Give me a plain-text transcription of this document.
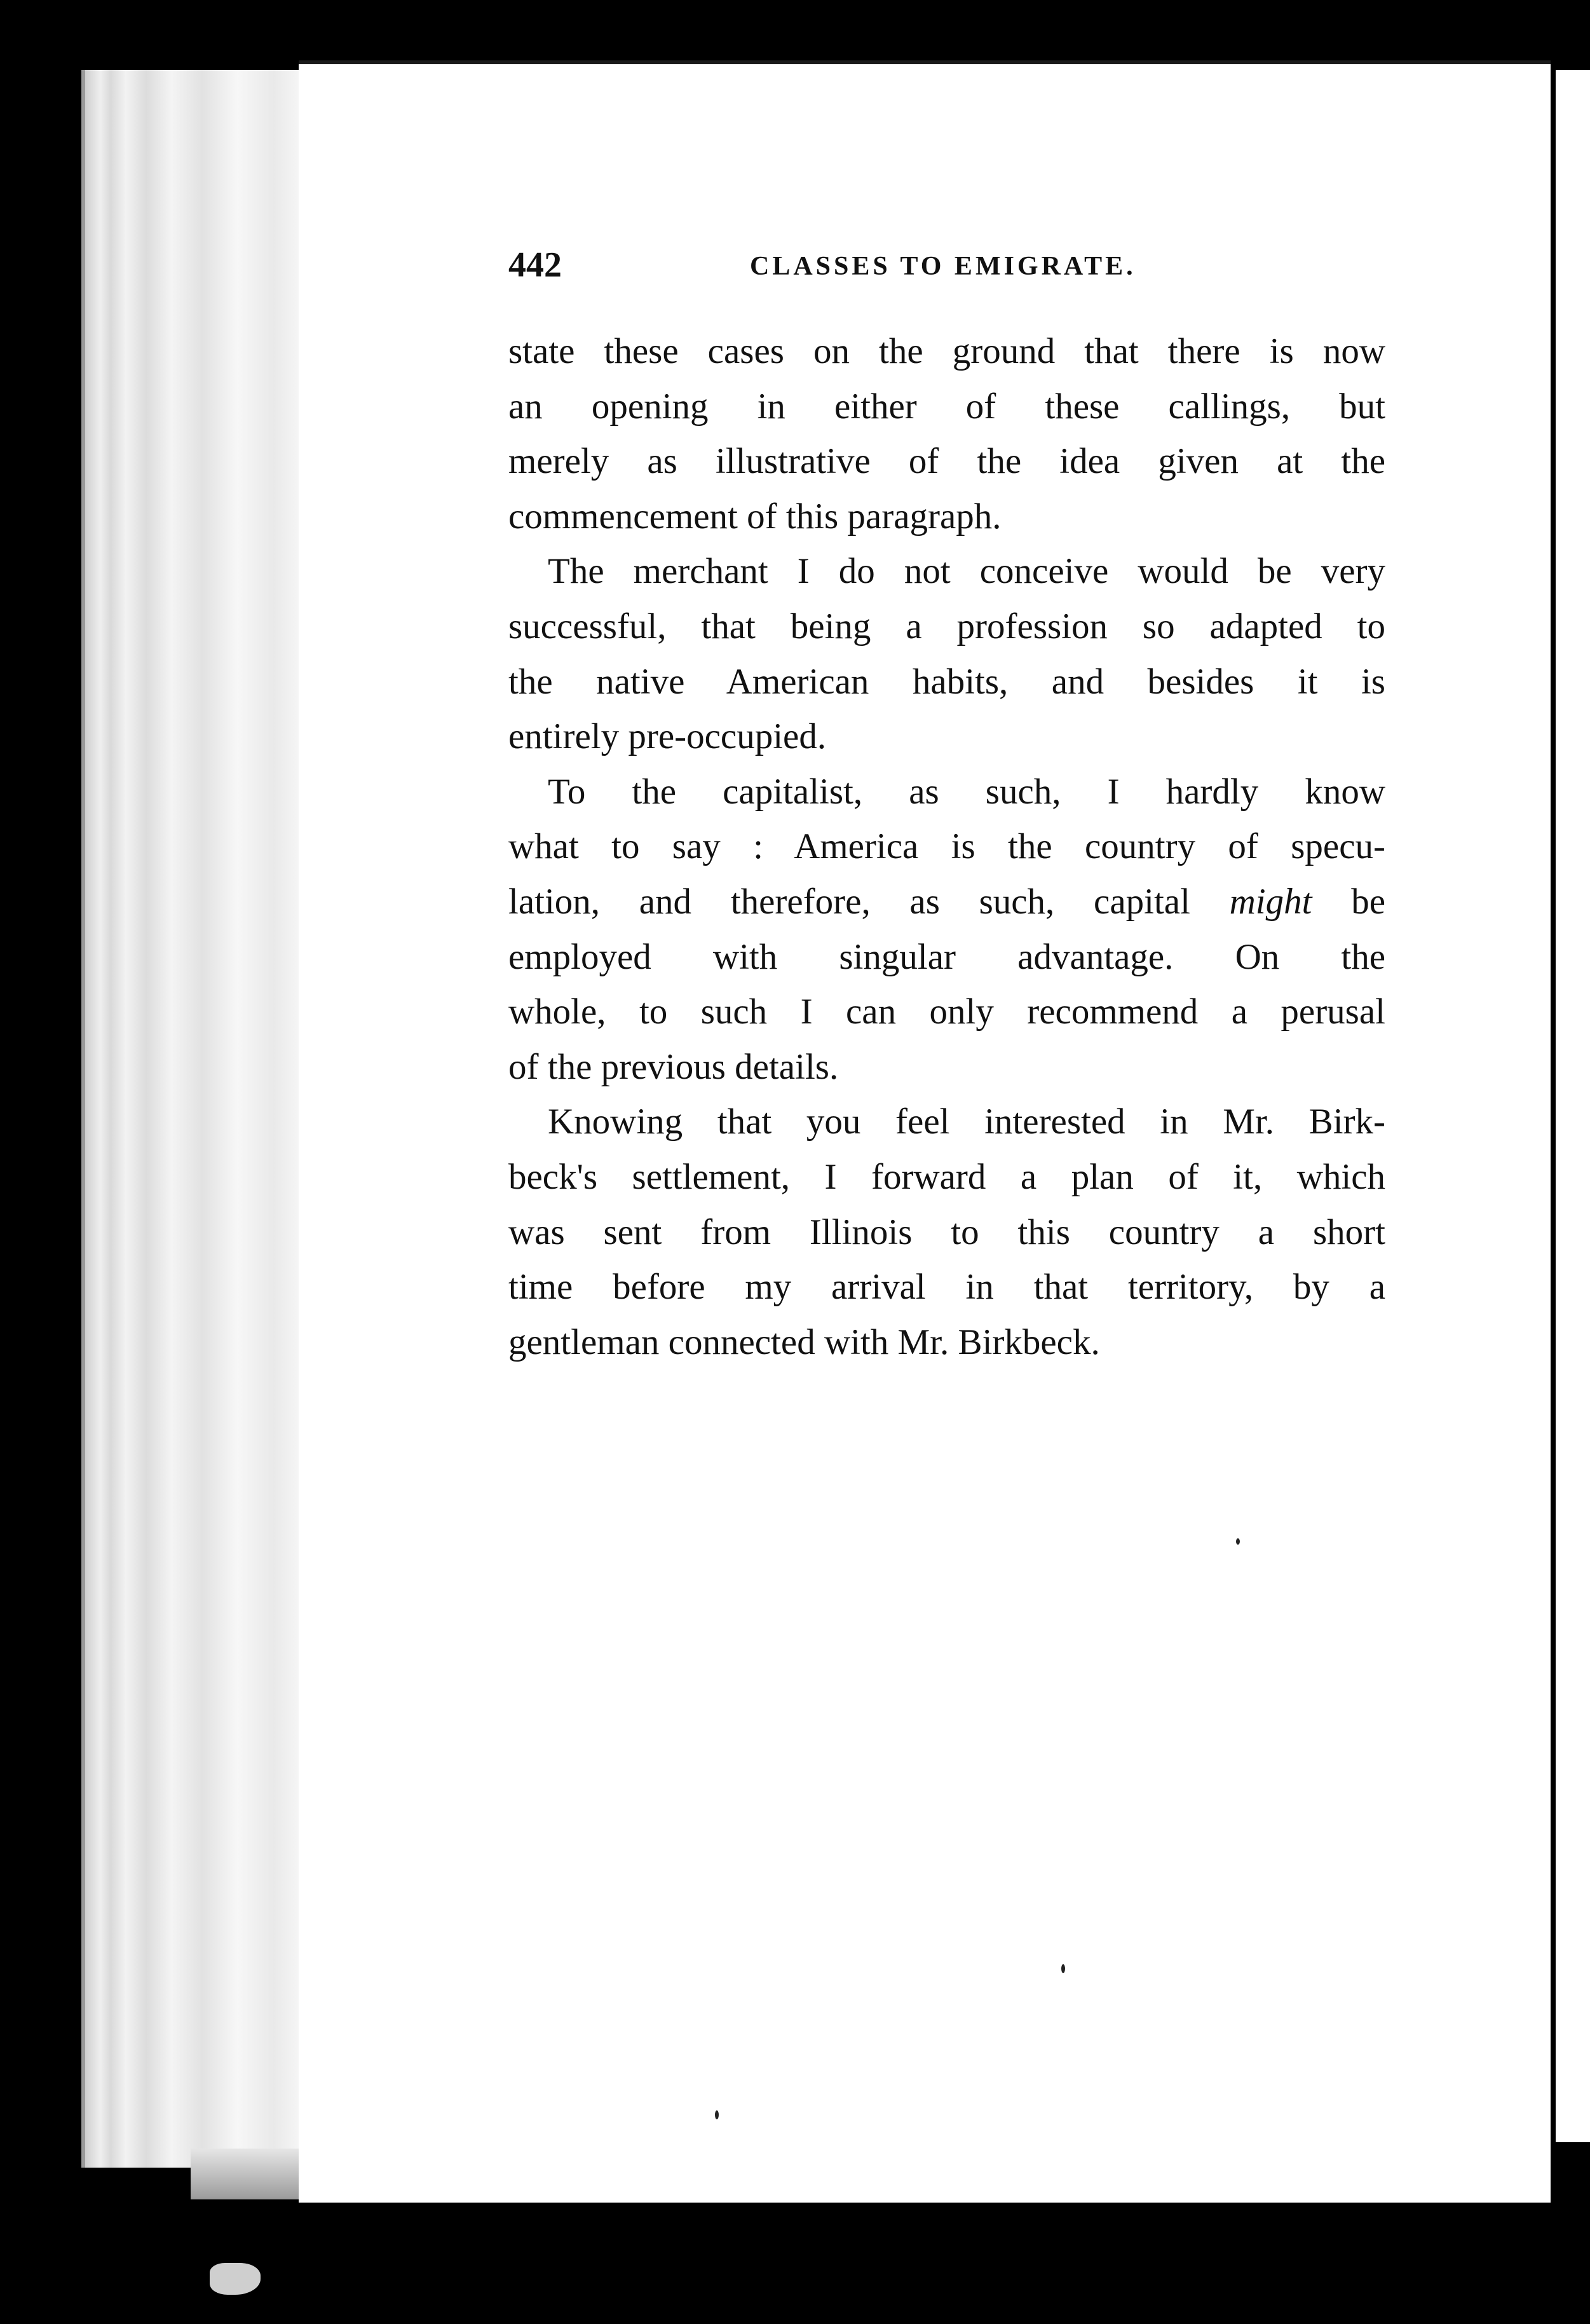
442	CLASSES TO EMIGRATE.

state these cases on the ground that there is now
an opening in either of these callings, but
merely as illustrative of the idea given at the
commencement of this paragraph.

The merchant I do not conceive would be very
successful, that being a profession so adapted to
the native American habits, and besides it is
entirely pre-occupied.

To the capitalist, as such, I hardly know
what to say : America is the country of specu-
lation, and therefore, as such, capital might be
employed with singular advantage. On the
whole, to such I can only recommend a perusal
of the previous details.

Knowing that you feel interested in Mr. Birk-
beck's settlement, I forward a plan of it, which
was sent from Illinois to this country a short
time before my arrival in that territory, by a
gentleman connected with Mr. Birkbeck.
